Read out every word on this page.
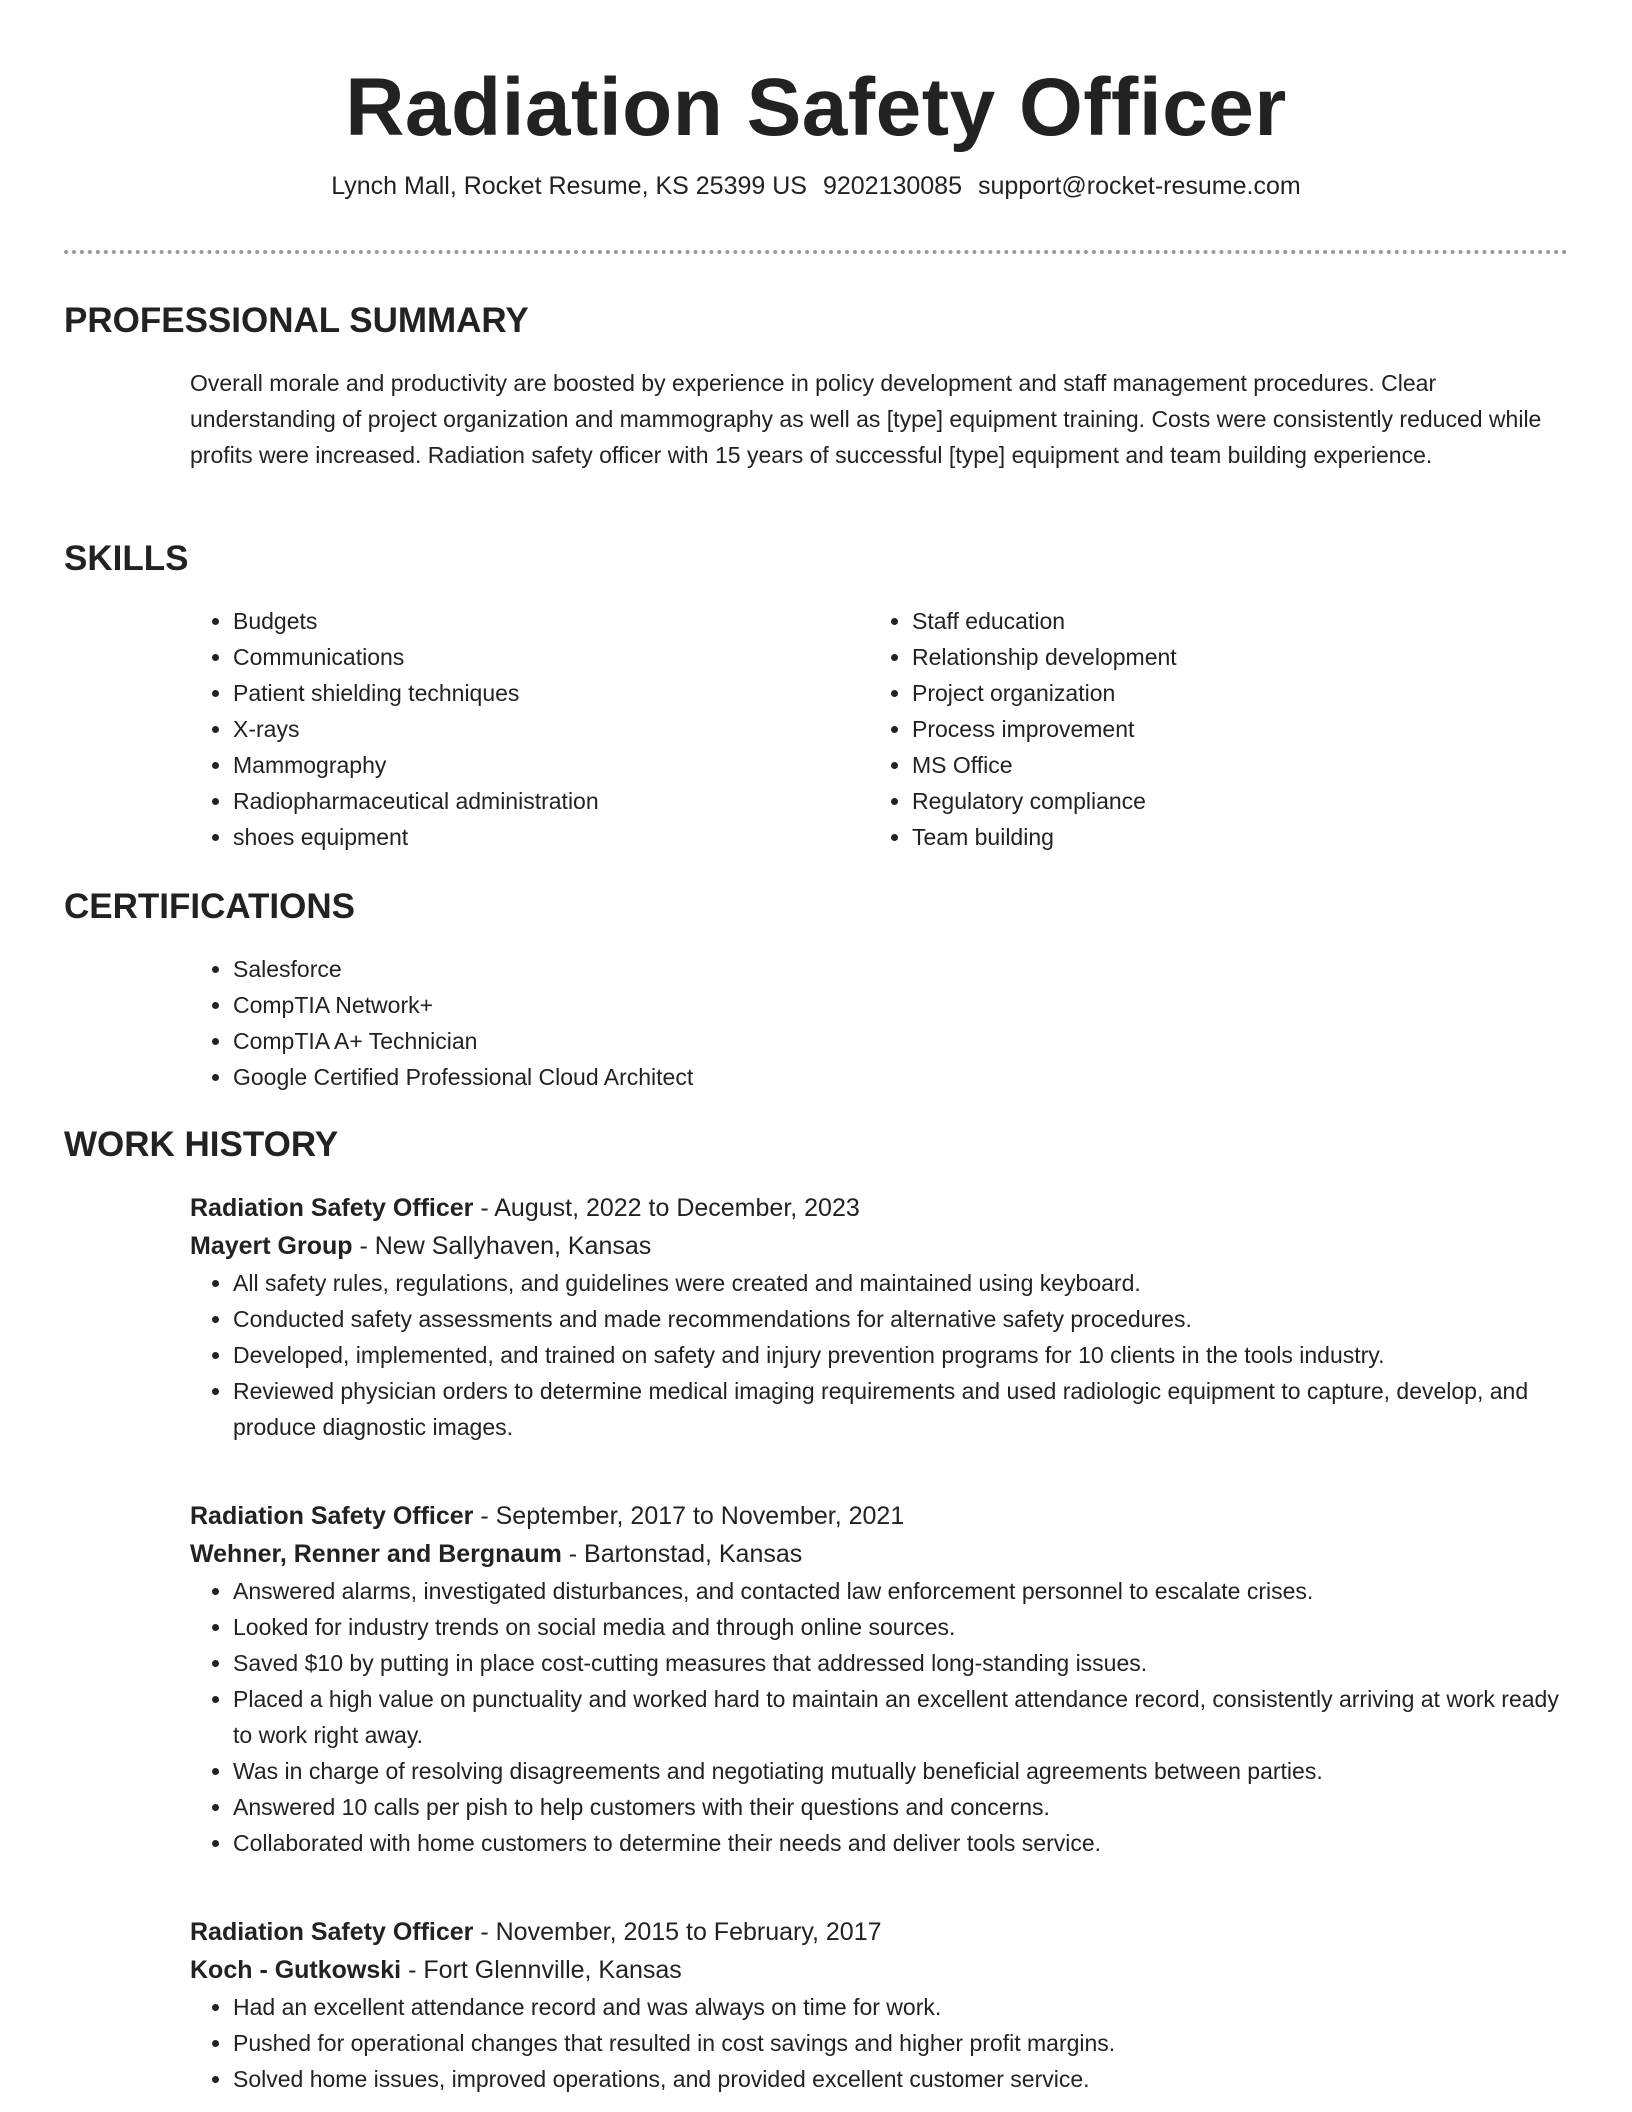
Radiation Safety Officer
Lynch Mall, Rocket Resume, KS 25399 US 9202130085 support@rocket-resume.com
PROFESSIONAL SUMMARY
Overall morale and productivity are boosted by experience in policy development and staff management procedures. Clear understanding of project organization and mammography as well as [type] equipment training. Costs were consistently reduced while profits were increased. Radiation safety officer with 15 years of successful [type] equipment and team building experience.
SKILLS
• Budgets
• Communications
• Patient shielding techniques
• X-rays
• Mammography
• Radiopharmaceutical administration
• shoes equipment
• Staff education
• Relationship development
• Project organization
• Process improvement
• MS Office
• Regulatory compliance
• Team building
CERTIFICATIONS
• Salesforce
• CompTIA Network+
• CompTIA A+ Technician
• Google Certified Professional Cloud Architect
WORK HISTORY
Radiation Safety Officer - August, 2022 to December, 2023
Mayert Group - New Sallyhaven, Kansas
• All safety rules, regulations, and guidelines were created and maintained using keyboard.
• Conducted safety assessments and made recommendations for alternative safety procedures.
• Developed, implemented, and trained on safety and injury prevention programs for 10 clients in the tools industry.
• Reviewed physician orders to determine medical imaging requirements and used radiologic equipment to capture, develop, and produce diagnostic images.
Radiation Safety Officer - September, 2017 to November, 2021
Wehner, Renner and Bergnaum - Bartonstad, Kansas
• Answered alarms, investigated disturbances, and contacted law enforcement personnel to escalate crises.
• Looked for industry trends on social media and through online sources.
• Saved $10 by putting in place cost-cutting measures that addressed long-standing issues.
• Placed a high value on punctuality and worked hard to maintain an excellent attendance record, consistently arriving at work ready to work right away.
• Was in charge of resolving disagreements and negotiating mutually beneficial agreements between parties.
• Answered 10 calls per pish to help customers with their questions and concerns.
• Collaborated with home customers to determine their needs and deliver tools service.
Radiation Safety Officer - November, 2015 to February, 2017
Koch - Gutkowski - Fort Glennville, Kansas
• Had an excellent attendance record and was always on time for work.
• Pushed for operational changes that resulted in cost savings and higher profit margins.
• Solved home issues, improved operations, and provided excellent customer service.
